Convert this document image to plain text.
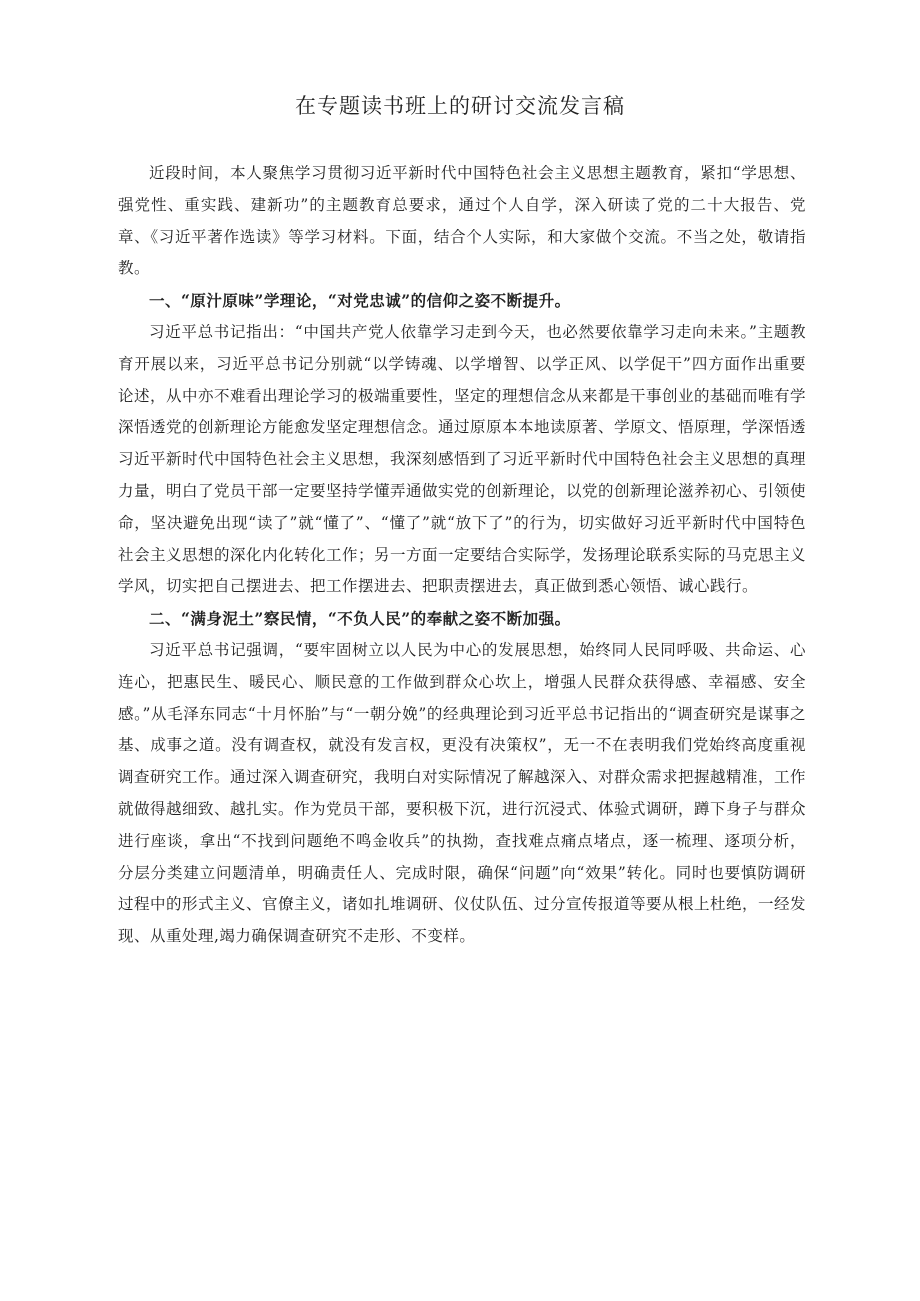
在专题读书班上的研讨交流发言稿

近段时间，本人聚焦学习贯彻习近平新时代中国特色社会主义思想主题教育，紧扣“学思想、强党性、重实践、建新功”的主题教育总要求，通过个人自学，深入研读了党的二十大报告、党章、《习近平著作选读》等学习材料。下面，结合个人实际，和大家做个交流。不当之处，敬请指教。

一、“原汁原味”学理论，“对党忠诚”的信仰之姿不断提升。

习近平总书记指出：“中国共产党人依靠学习走到今天，也必然要依靠学习走向未来。”主题教育开展以来，习近平总书记分别就“以学铸魂、以学增智、以学正风、以学促干”四方面作出重要论述，从中亦不难看出理论学习的极端重要性，坚定的理想信念从来都是干事创业的基础而唯有学深悟透党的创新理论方能愈发坚定理想信念。通过原原本本地读原著、学原文、悟原理，学深悟透习近平新时代中国特色社会主义思想，我深刻感悟到了习近平新时代中国特色社会主义思想的真理力量，明白了党员干部一定要坚持学懂弄通做实党的创新理论，以党的创新理论滋养初心、引领使命，坚决避免出现“读了”就“懂了”、“懂了”就“放下了”的行为，切实做好习近平新时代中国特色社会主义思想的深化内化转化工作；另一方面一定要结合实际学，发扬理论联系实际的马克思主义学风，切实把自己摆进去、把工作摆进去、把职责摆进去，真正做到悉心领悟、诚心践行。

二、“满身泥土”察民情，“不负人民”的奉献之姿不断加强。

习近平总书记强调，“要牢固树立以人民为中心的发展思想，始终同人民同呼吸、共命运、心连心，把惠民生、暖民心、顺民意的工作做到群众心坎上，增强人民群众获得感、幸福感、安全感。”从毛泽东同志“十月怀胎”与“一朝分娩”的经典理论到习近平总书记指出的“调查研究是谋事之基、成事之道。没有调查权，就没有发言权，更没有决策权”，无一不在表明我们党始终高度重视调查研究工作。通过深入调查研究，我明白对实际情况了解越深入、对群众需求把握越精准，工作就做得越细致、越扎实。作为党员干部，要积极下沉，进行沉浸式、体验式调研，蹲下身子与群众进行座谈，拿出“不找到问题绝不鸣金收兵”的执拗，查找难点痛点堵点，逐一梳理、逐项分析，分层分类建立问题清单，明确责任人、完成时限，确保“问题”向“效果”转化。同时也要慎防调研过程中的形式主义、官僚主义，诸如扎堆调研、仪仗队伍、过分宣传报道等要从根上杜绝，一经发现、从重处理,竭力确保调查研究不走形、不变样。
